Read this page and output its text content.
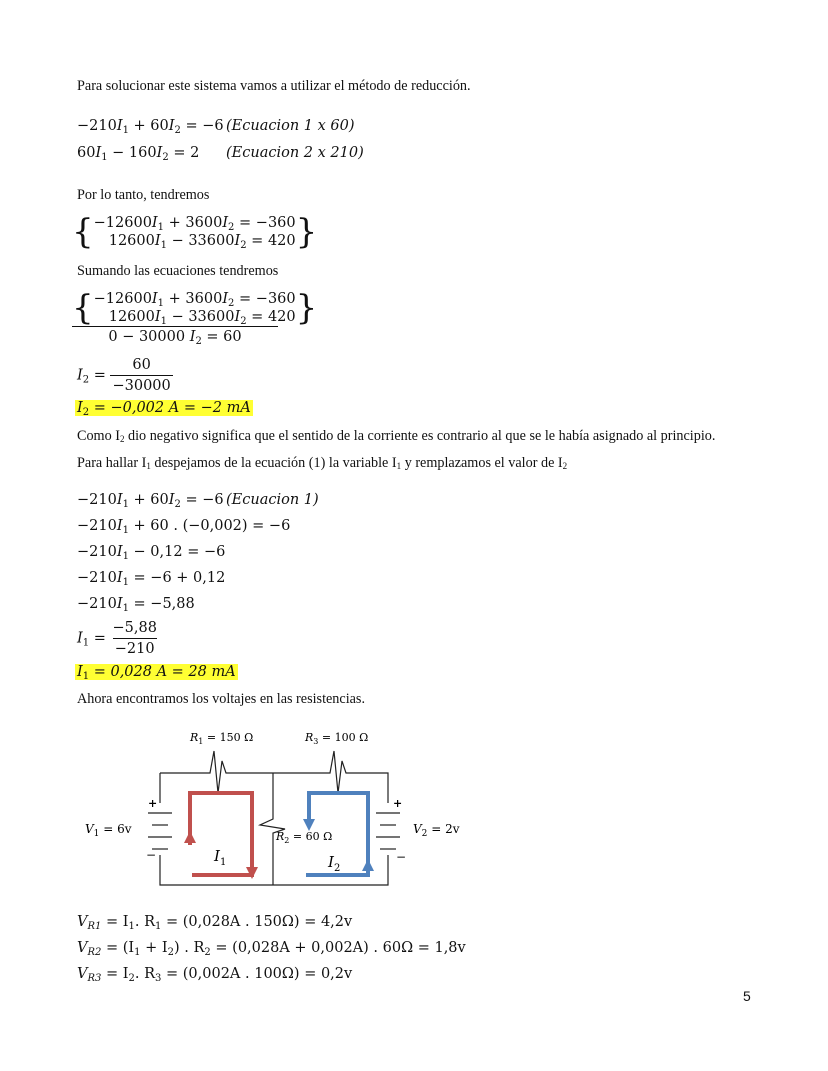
Para solucionar este sistema vamos a utilizar el método de reducción.
$-210I_1 + 60I_2 = -6$ (Ecuacion 1 x 60)
$60I_1 - 160I_2 = 2$ (Ecuacion 2 x 210)
Por lo tanto, tendremos
{ $-12600I_1 + 3600I_2 = -360$
$12600I_1 - 33600I_2 = 420$ }
Sumando las ecuaciones tendremos
{ $-12600I_1 + 3600I_2 = -360$
$12600I_1 - 33600I_2 = 420$ }
0 − 30000 $I_2 = 60$
$I_2 = \frac{60}{-30000}$
$I_2 = -0,002$ A = −2 mA
Como I2 dio negativo significa que el sentido de la corriente es contrario al que se le había asignado al principio.
Para hallar I1 despejamos de la ecuación (1) la variable I1 y remplazamos el valor de I2
$-210I_1 + 60I_2 = -6$ (Ecuacion 1)
$-210I_1 + 60$ . (−0,002) = −6
$-210I_1 - 0,12 = -6$
$-210I_1 = -6 + 0,12$
$-210I_1 = -5,88$
$I_1 = \frac{-5,88}{-210}$
$I_1 = 0,028$ A = 28 mA
Ahora encontramos los voltajes en las resistencias.
$R_1 = 150$ Ω	$R_3 = 100$ Ω
$R_2 = 60$ Ω
$V_1 = 6v$	$V_2 = 2v$
$I_1$	$I_2$
+
−
+
−
$V_{R1} = I_1$. $R_1 = (0,028A$ . 150Ω) = 4,2v
$V_{R2} = (I_1 + I_2)$ . $R_2 = (0,028A + 0,002A)$ . 60Ω = 1,8v
$V_{R3} = I_2$. $R_3 = (0,002A$ . 100Ω) = 0,2v
5
